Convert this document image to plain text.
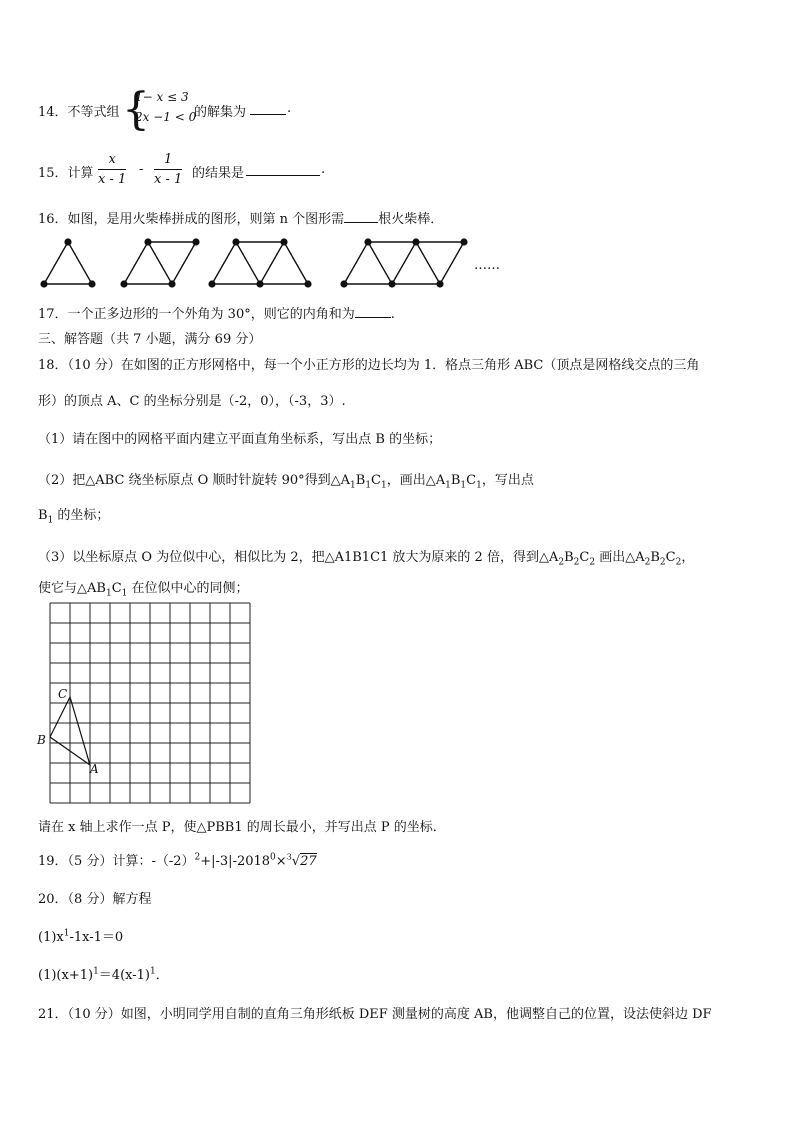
14．不等式组 {
1− x ≤ 3
2x −1 < 0
的解集为	.
15．计算 $\frac{x}{x - 1} - \frac{1}{x - 1}$ 的结果是	.
16．如图，是用火柴棒拼成的图形，则第 n 个图形需	根火柴棒．
……
17．一个正多边形的一个外角为 30°，则它的内角和为	.
三、解答题（共 7 小题，满分 69 分）
18．（10 分）在如图的正方形网格中，每一个小正方形的边长均为 1．格点三角形 ABC（顶点是网格线交点的三角
形）的顶点 A、C 的坐标分别是（-2，0），（-3，3）.
（1）请在图中的网格平面内建立平面直角坐标系，写出点 B 的坐标；
（2）把△ABC 绕坐标原点 O 顺时针旋转 90°得到$\triangle A_1B_1C_1$，画出$\triangle A_1B_1C_1$，写出点
$B_1$ 的坐标；
（3）以坐标原点 O 为位似中心，相似比为 2，把△A1B1C1 放大为原来的 2 倍，得到$\triangle A_2B_2C_2$ 画出$\triangle A_2B_2C_2$，
使它与$\triangle AB_1C_1$ 在位似中心的同侧；
C
B
A
请在 x 轴上求作一点 P，使△PBB1 的周长最小，并写出点 P 的坐标．
19．（5 分）计算：$-(-2)^2+|-3|-2018^0\times^3√27$
20．（8 分）解方程
$(1)x^1-1x-1=0$
$(1)(x+1)^1=4(x-1)^1$．
21．（10 分）如图，小明同学用自制的直角三角形纸板 DEF 测量树的高度 AB，他调整自己的位置，设法使斜边 DF
